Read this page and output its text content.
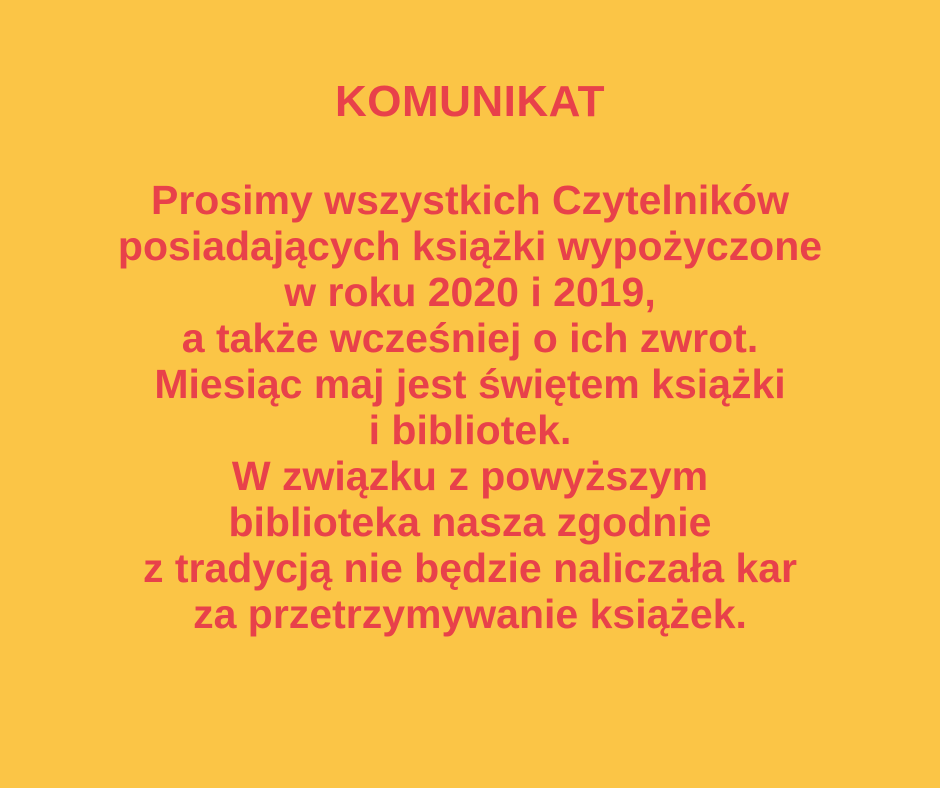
KOMUNIKAT
Prosimy wszystkich Czytelników
posiadających książki wypożyczone
w roku 2020 i 2019,
a także wcześniej o ich zwrot.
Miesiąc maj jest świętem książki
i bibliotek.
W związku z powyższym
biblioteka nasza zgodnie
z tradycją nie będzie naliczała kar
za przetrzymywanie książek.
